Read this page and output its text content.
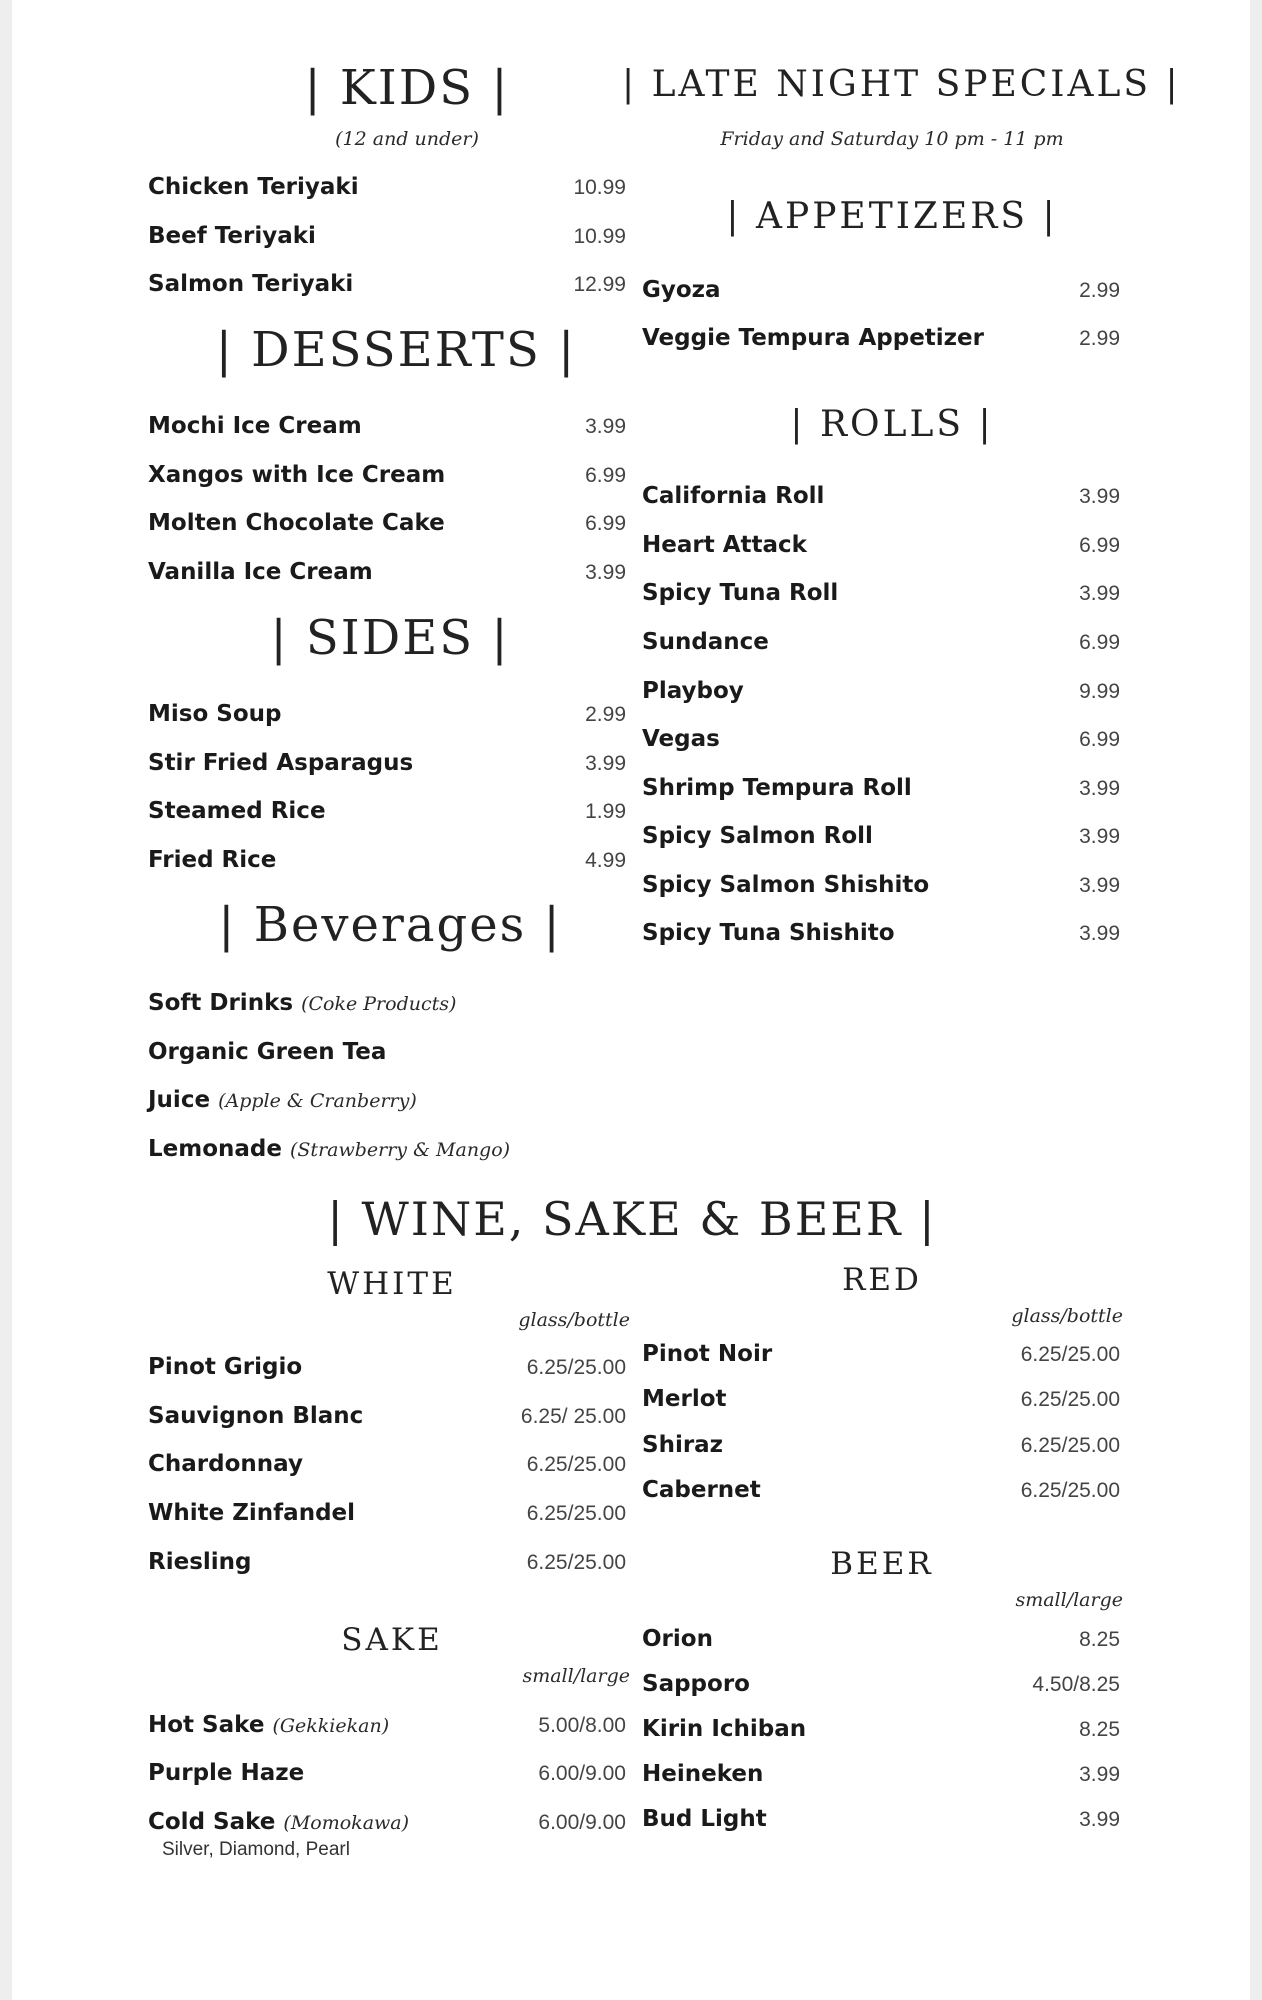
| KIDS |
(12 and under)
Chicken Teriyaki	10.99
Beef Teriyaki	10.99
Salmon Teriyaki	12.99
| DESSERTS |
Mochi Ice Cream	3.99
Xangos with Ice Cream	6.99
Molten Chocolate Cake	6.99
Vanilla Ice Cream	3.99
| SIDES |
Miso Soup	2.99
Stir Fried Asparagus	3.99
Steamed Rice	1.99
Fried Rice	4.99
| Beverages |
Soft Drinks (Coke Products)
Organic Green Tea
Juice (Apple & Cranberry)
Lemonade (Strawberry & Mango)
| LATE NIGHT SPECIALS |
Friday and Saturday 10 pm - 11 pm
| APPETIZERS |
Gyoza	2.99
Veggie Tempura Appetizer	2.99
| ROLLS |
California Roll	3.99
Heart Attack	6.99
Spicy Tuna Roll	3.99
Sundance	6.99
Playboy	9.99
Vegas	6.99
Shrimp Tempura Roll	3.99
Spicy Salmon Roll	3.99
Spicy Salmon Shishito	3.99
Spicy Tuna Shishito	3.99
| WINE, SAKE & BEER |
WHITE
glass/bottle
Pinot Grigio	6.25/25.00
Sauvignon Blanc	6.25/ 25.00
Chardonnay	6.25/25.00
White Zinfandel	6.25/25.00
Riesling	6.25/25.00
SAKE
small/large
Hot Sake (Gekkiekan)	5.00/8.00
Purple Haze	6.00/9.00
Cold Sake (Momokawa)	6.00/9.00
Silver, Diamond, Pearl
RED
glass/bottle
Pinot Noir	6.25/25.00
Merlot	6.25/25.00
Shiraz	6.25/25.00
Cabernet	6.25/25.00
BEER
small/large
Orion	8.25
Sapporo	4.50/8.25
Kirin Ichiban	8.25
Heineken	3.99
Bud Light	3.99
